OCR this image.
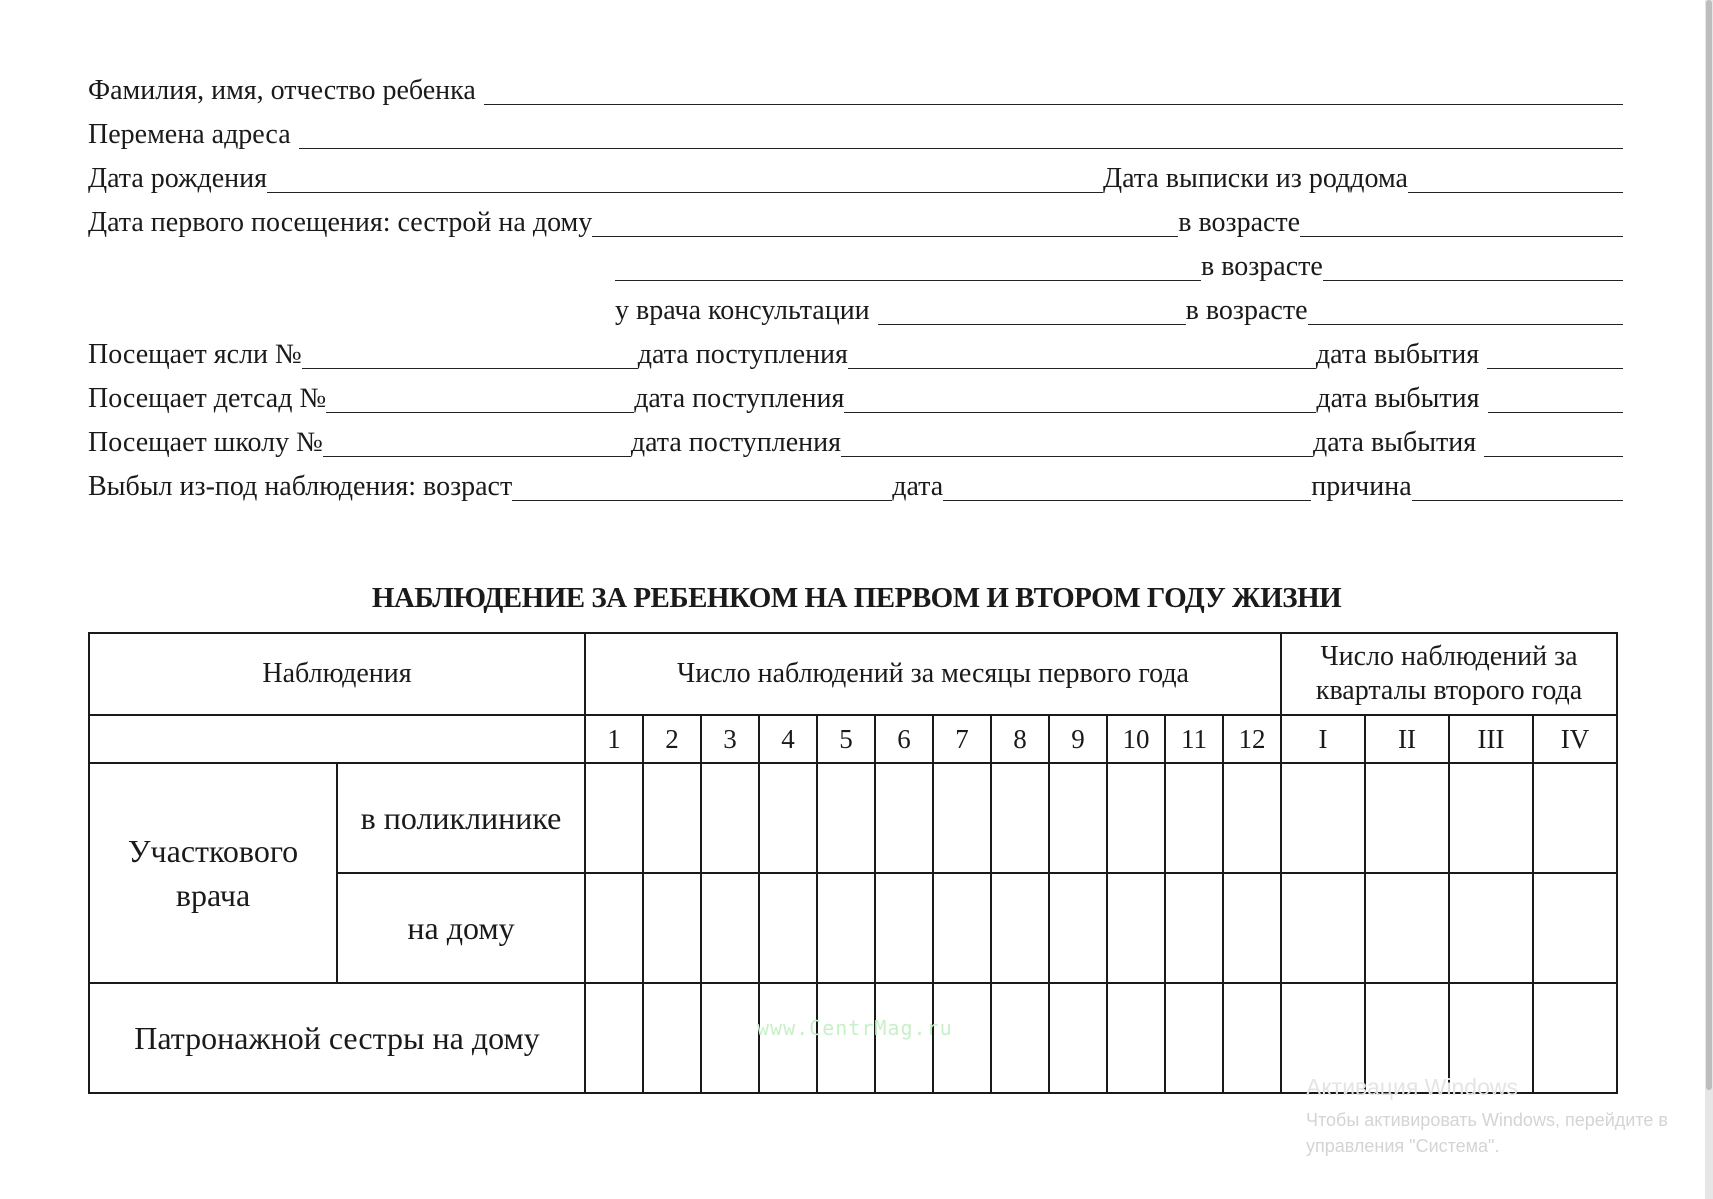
Фамилия, имя, отчество ребенка
Перемена адреса
Дата рождения	Дата выписки из роддома
Дата первого посещения: сестрой на дому	в возрасте
в возрасте
у врача консультации	в возрасте
Посещает ясли №	дата поступления	дата выбытия
Посещает детсад №	дата поступления	дата выбытия
Посещает школу №	дата поступления	дата выбытия
Выбыл из-под наблюдения: возраст	дата	причина
НАБЛЮДЕНИЕ ЗА РЕБЕНКОМ НА ПЕРВОМ И ВТОРОМ ГОДУ ЖИЗНИ
Наблюдения		Число наблюдений за месяцы первого года												Число наблюдений за кварталы второго года			
		1	2	3	4	5	6	7	8	9	10	11	12	I	II	III	IV
Участкового врача	в поликлинике																
	на дому																
Патронажной сестры на дому																		www.CentrMag.ru
Активация Windows
Чтобы активировать Windows, перейдите в
управления "Система".
